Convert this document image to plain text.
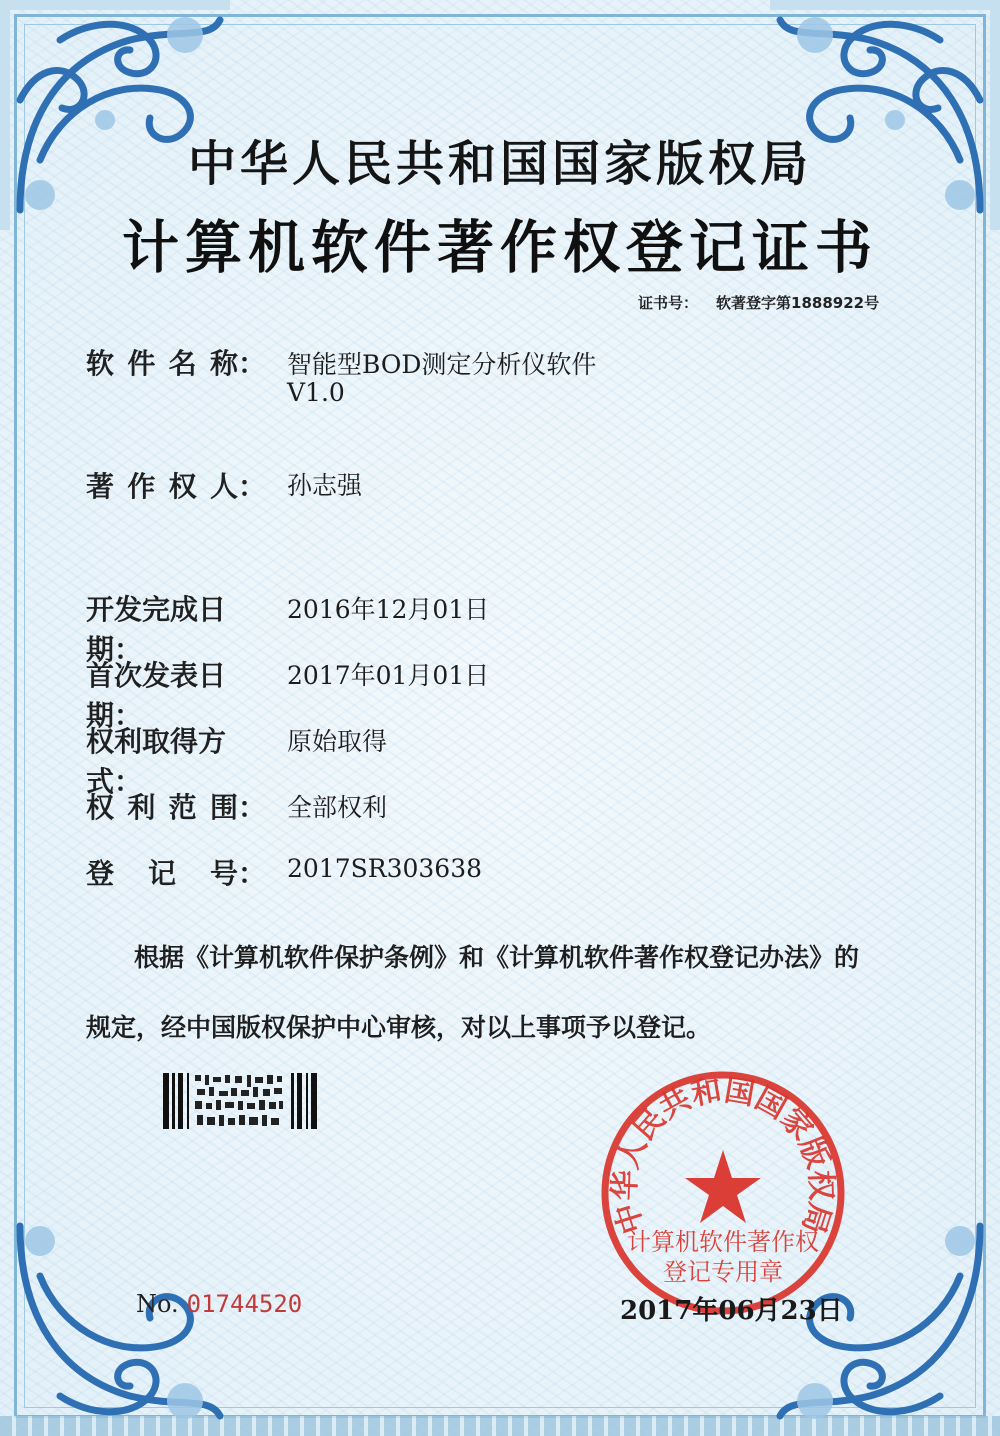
中华人民共和国国家版权局
计算机软件著作权登记证书
证书号： 软著登字第1888922号
软 件 名 称： 智能型BOD测定分析仪软件
V1.0
著 作 权 人： 孙志强
开发完成日期：
2016年12月01日
首次发表日期：
2017年01月01日
权利取得方式：
原始取得
权 利 范 围： 全部权利
登 记 号： 2017SR303638
根据《计算机软件保护条例》和《计算机软件著作权登记办法》的
规定，经中国版权保护中心审核，对以上事项予以登记。
No. 01744520
中华人民共和国国家版权局
计算机软件著作权
登记专用章
2017年06月23日
